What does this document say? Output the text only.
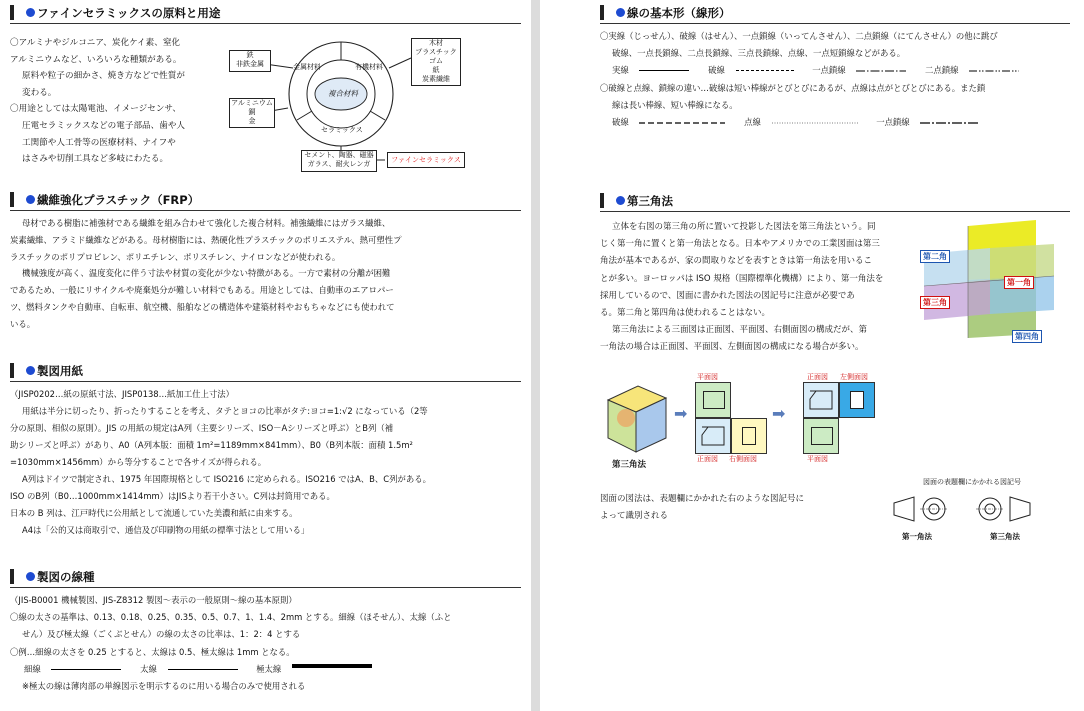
ファインセラミックスの原料と用途
〇アルミナやジルコニア、炭化ケイ素、窒化
アルミニウムなど、いろいろな種類がある。
原料や粒子の細かさ、焼き方などで性質が
変わる。
〇用途としては太陽電池、イメージセンサ、
圧電セラミックスなどの電子部品、歯や人
工関節や人工骨等の医療材料、ナイフや
はさみや切削工具など多岐にわたる。
複合材料
金属材料	有機材料
セラミックス
鉄
非鉄金属
アルミニウム
銅
金
木材
プラスチック
ゴム
紙
炭素繊維
セメント、陶器、磁器
ガラス、耐火レンガ	ファインセラミックス
繊維強化プラスチック（FRP）
母材である樹脂に補強材である繊維を組み合わせて強化した複合材料。補強繊維にはガラス繊維、
炭素繊維、アラミド繊維などがある。母材樹脂には、熱硬化性プラスチックのポリエステル、熱可塑性プ
ラスチックのポリプロピレン、ポリエチレン、ポリスチレン、ナイロンなどが使われる。
機械強度が高く、温度変化に伴う寸法や材質の変化が少ない特徴がある。一方で素材の分離が困難
であるため、一般にリサイクルや廃棄処分が難しい材料でもある。用途としては、自動車のエアロパー
ツ、燃料タンクや自動車、自転車、航空機、船舶などの構造体や建築材料やおもちゃなどにも使われて
いる。
製図用紙
（JISP0202…紙の原紙寸法、JISP0138…紙加工仕上寸法）
用紙は半分に切ったり、折ったりすることを考え、タテとヨコの比率がタテ:ヨコ=1:√2 になっている（2等
分の原則、相似の原則）。JIS の用紙の規定はA列（主要シリーズ、ISO－Aシリーズと呼ぶ）とB列（補
助シリーズと呼ぶ）があり、A0（A列本版：面積 1m²=1189mm×841mm）、B0（B列本版：面積 1.5m²
=1030mm×1456mm）から等分することで各サイズが得られる。
A列はドイツで制定され、1975 年国際規格として ISO216 に定められる。ISO216 ではA、B、C列がある。
ISO のB列（B0…1000mm×1414mm）はJISより若干小さい。C列は封筒用である。
日本の B 列は、江戸時代に公用紙として流通していた美濃和紙に由来する。
A4は「公的又は商取引で、通信及び印刷物の用紙の標準寸法として用いる」
製図の線種
（JIS-B0001 機械製図、JIS-Z8312 製図～表示の一般原則～線の基本原則）
〇線の太さの基準は、0.13、0.18、0.25、0.35、0.5、0.7、1、1.4、2mm とする。細線（ほそせん）、太線（ふと
せん）及び極太線（ごくぶとせん）の線の太さの比率は、1：2：4 とする
〇例…細線の太さを 0.25 とすると、太線は 0.5、極太線は 1mm となる。
細線	太線	極太線
※極太の線は薄肉部の単線図示を明示するのに用いる場合のみで使用される
線の基本形（線形）
〇実線（じっせん）、破線（はせん）、一点鎖線（いってんさせん）、二点鎖線（にてんさせん）の他に跳び
破線、一点長鎖線、二点長鎖線、三点長鎖線、点線、一点短鎖線などがある。
実線	破線	一点鎖線	二点鎖線
〇破線と点線、鎖線の違い…破線は短い棒線がとびとびにあるが、点線は点がとびとびにある。また鎖
線は長い棒線、短い棒線になる。
破線	点線	一点鎖線
第三角法
立体を右図の第三角の所に置いて投影した図法を第三角法という。同
じく第一角に置くと第一角法となる。日本やアメリカでの工業図面は第三
角法が基本であるが、家の間取りなどを表すときは第一角法を用いるこ
とが多い。ヨーロッパは ISO 規格（国際標準化機構）により、第一角法を
採用しているので、図面に書かれた図法の図記号に注意が必要であ
る。第二角と第四角は使われることはない。
第三角法による三面図は正面図、平面図、右側面図の構成だが、第
一角法の場合は正面図、平面図、左側面図の構成になる場合が多い。
第二角
第一角
第三角
第四角
第三角法
➡
平面図
正面図 右側面図
➡
正面図 左側面図
平面図
図面の表題欄にかかれる図記号
第一角法	第三角法
図面の図法は、表題欄にかかれた右のような図記号に
よって識別される
